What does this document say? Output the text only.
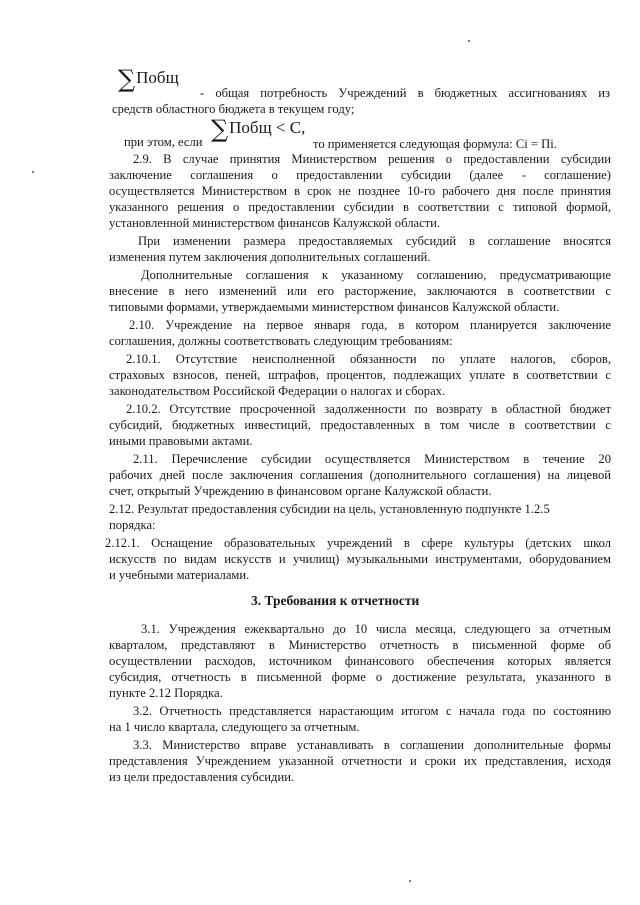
∑Побщ
- общая потребность Учреждений в бюджетных ассигнованиях из
средств областного бюджета в текущем году;
при этом, если ∑Побщ < C,
то применяется следующая формула: Ci = Пi.
2.9. В случае принятия Министерством решения о предоставлении субсидии
заключение соглашения о предоставлении субсидии (далее - соглашение)
осуществляется Министерством в срок не позднее 10-го рабочего дня после принятия
указанного решения о предоставлении субсидии в соответствии с типовой формой,
установленной министерством финансов Калужской области.
При изменении размера предоставляемых субсидий в соглашение вносятся
изменения путем заключения дополнительных соглашений.
Дополнительные соглашения к указанному соглашению, предусматривающие
внесение в него изменений или его расторжение, заключаются в соответствии с
типовыми формами, утверждаемыми министерством финансов Калужской области.
2.10. Учреждение на первое января года, в котором планируется заключение
соглашения, должны соответствовать следующим требованиям:
2.10.1. Отсутствие неисполненной обязанности по уплате налогов, сборов,
страховых взносов, пеней, штрафов, процентов, подлежащих уплате в соответствии с
законодательством Российской Федерации о налогах и сборах.
2.10.2. Отсутствие просроченной задолженности по возврату в областной бюджет
субсидий, бюджетных инвестиций, предоставленных в том числе в соответствии с
иными правовыми актами.
2.11. Перечисление субсидии осуществляется Министерством в течение 20
рабочих дней после заключения соглашения (дополнительного соглашения) на лицевой
счет, открытый Учреждению в финансовом органе Калужской области.
2.12. Результат предоставления субсидии на цель, установленную подпункте 1.2.5
порядка:
2.12.1. Оснащение образовательных учреждений в сфере культуры (детских школ
искусств по видам искусств и училищ) музыкальными инструментами, оборудованием
и учебными материалами.
3. Требования к отчетности
3.1. Учреждения ежеквартально до 10 числа месяца, следующего за отчетным
кварталом, представляют в Министерство отчетность в письменной форме об
осуществлении расходов, источником финансового обеспечения которых является
субсидия, отчетность в письменной форме о достижение результата, указанного в
пункте 2.12 Порядка.
3.2. Отчетность представляется нарастающим итогом с начала года по состоянию
на 1 число квартала, следующего за отчетным.
3.3. Министерство вправе устанавливать в соглашении дополнительные формы
представления Учреждением указанной отчетности и сроки их представления, исходя
из цели предоставления субсидии.
